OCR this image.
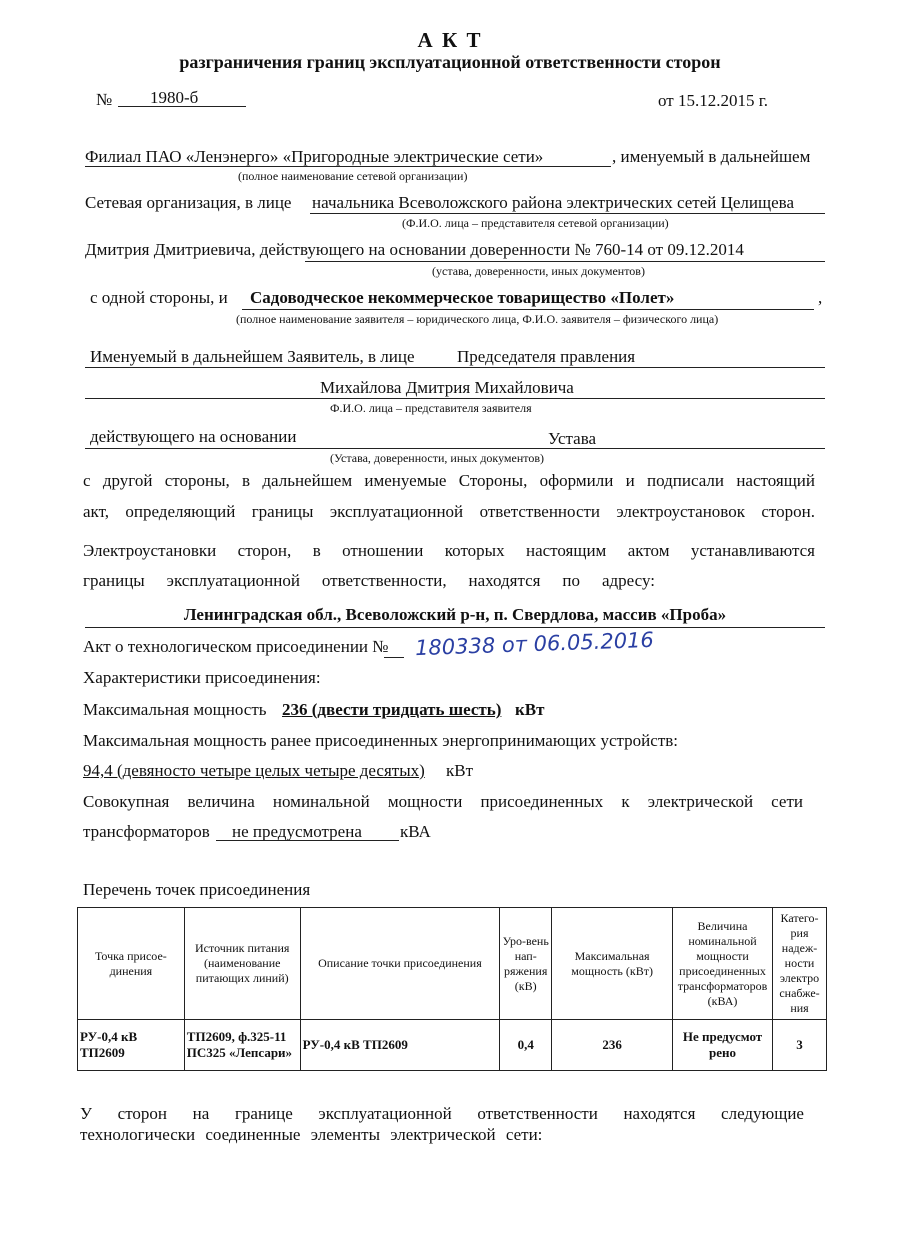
А К Т
разграничения границ эксплуатационной ответственности сторон
№ 1980-б	от 15.12.2015 г.
Филиал ПАО «Ленэнерго» «Пригородные электрические сети»	, именуемый в дальнейшем
(полное наименование сетевой организации)
Сетевая организация, в лице начальника Всеволожского района электрических сетей Целищева
(Ф.И.О. лица – представителя сетевой организации)
Дмитрия Дмитриевича, действующего на основании доверенности № 760-14 от 09.12.2014
(устава, доверенности, иных документов)
с одной стороны, и Садоводческое некоммерческое товарищество «Полет»	,
(полное наименование заявителя – юридического лица, Ф.И.О. заявителя – физического лица)
Именуемый в дальнейшем Заявитель, в лице	Председателя правления
Михайлова Дмитрия Михайловича
Ф.И.О. лица – представителя заявителя
действующего на основании	Устава
(Устава, доверенности, иных документов)
с другой стороны, в дальнейшем именуемые Стороны, оформили и подписали настоящий
акт, определяющий границы эксплуатационной ответственности электроустановок сторон.
Электроустановки сторон, в отношении которых настоящим актом устанавливаются
границы эксплуатационной ответственности, находятся по адресу:
Ленинградская обл., Всеволожский р-н, п. Свердлова, массив «Проба»
Акт о технологическом присоединении № 180338 от 06.05.2016
Характеристики присоединения:
Максимальная мощность 236 (двести тридцать шесть) кВт
Максимальная мощность ранее присоединенных энергопринимающих устройств:
94,4 (девяносто четыре целых четыре десятых) кВт
Совокупная величина номинальной мощности присоединенных к электрической сети
трансформаторов не предусмотрена кВА
Перечень точек присоединения
Точка присое-динения	Источник питания (наименование питающих линий)	Описание точки присоединения	Уро-вень нап-ряжения (кВ)	Максимальная мощность (кВт)	Величина номинальной мощности присоединенных трансформаторов (кВА)	Катего-рия надеж-ности электро снабже-ния
РУ-0,4 кВ ТП2609	ТП2609, ф.325-11 ПС325 «Лепсари»	РУ-0,4 кВ ТП2609	0,4	236	Не предусмот рено	3
У сторон на границе эксплуатационной ответственности находятся следующие
технологически соединенные элементы электрической сети:
